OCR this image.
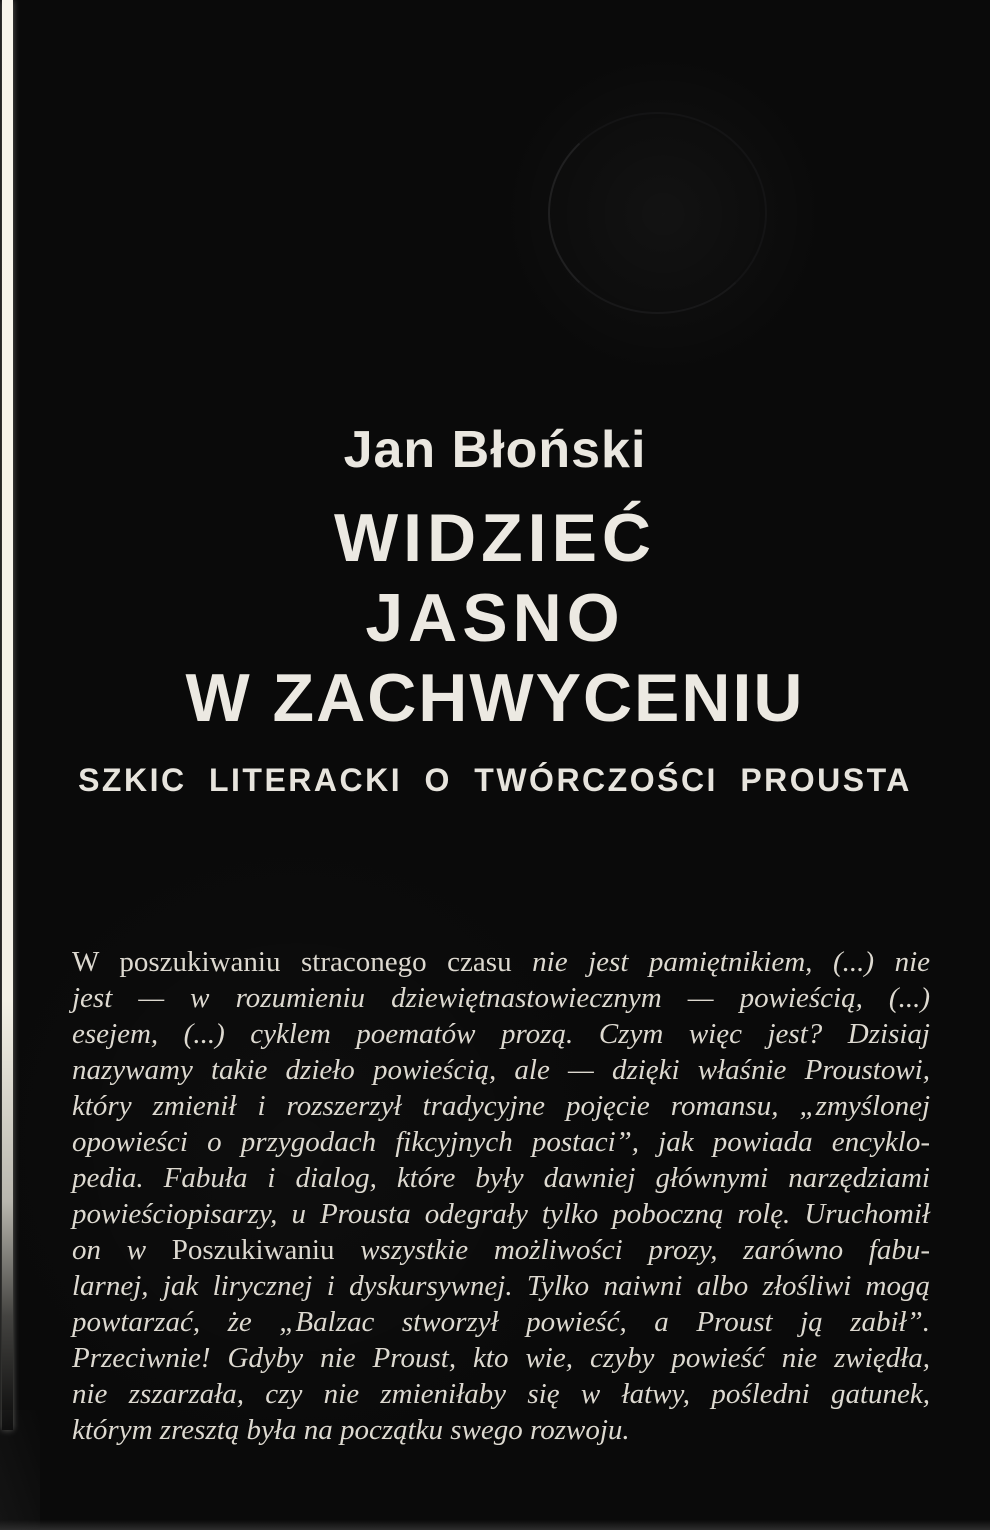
Jan Błoński
WIDZIEĆ
JASNO
W ZACHWYCENIU
SZKIC LITERACKI O TWÓRCZOŚCI PROUSTA
W poszukiwaniu straconego czasu nie jest pamiętnikiem, (...) nie
jest — w rozumieniu dziewiętnastowiecznym — powieścią, (...)
esejem, (...) cyklem poematów prozą. Czym więc jest? Dzisiaj
nazywamy takie dzieło powieścią, ale — dzięki właśnie Proustowi,
który zmienił i rozszerzył tradycyjne pojęcie romansu, „zmyślonej
opowieści o przygodach fikcyjnych postaci”, jak powiada encyklo-
pedia. Fabuła i dialog, które były dawniej głównymi narzędziami
powieściopisarzy, u Prousta odegrały tylko poboczną rolę. Uruchomił
on w Poszukiwaniu wszystkie możliwości prozy, zarówno fabu-
larnej, jak lirycznej i dyskursywnej. Tylko naiwni albo złośliwi mogą
powtarzać, że „Balzac stworzył powieść, a Proust ją zabił”.
Przeciwnie! Gdyby nie Proust, kto wie, czyby powieść nie zwiędła,
nie zszarzała, czy nie zmieniłaby się w łatwy, pośledni gatunek,
którym zresztą była na początku swego rozwoju.
